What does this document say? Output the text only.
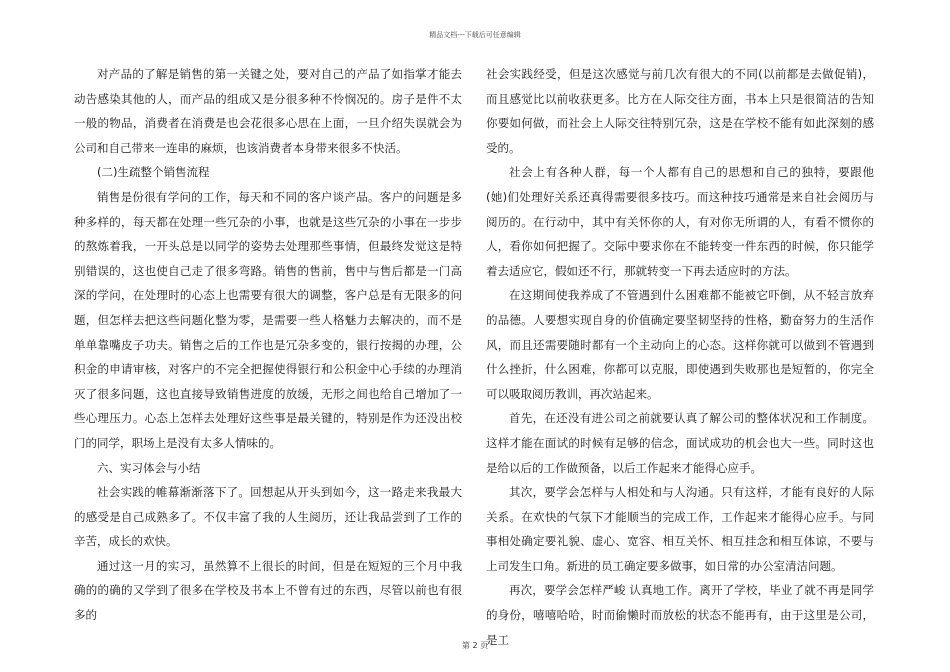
精品文档---下载后可任意编辑

对产品的了解是销售的第一关键之处，要对自己的产品了如指掌才能去动告感染其他的人，而产品的组成又是分很多种不怜悯况的。房子是件不太一般的物品，消费者在消费是也会花很多心思在上面，一旦介绍失误就会为公司和自己带来一连串的麻烦，也该消费者本身带来很多不快活。

(二)生疏整个销售流程

销售是份很有学问的工作，每天和不同的客户谈产品。客户的问题是多种多样的，每天都在处理一些冗杂的小事，也就是这些冗杂的小事在一步步的熬炼着我，一开头总是以同学的姿势去处理那些事情，但最终发觉这是特别错误的，这也使自己走了很多弯路。销售的售前，售中与售后都是一门高深的学问，在处理时的心态上也需要有很大的调整，客户总是有无限多的问题，但怎样去把这些问题化整为零，是需要一些人格魅力去解决的，而不是单单靠嘴皮子功夫。销售之后的工作也是冗杂多变的，银行按揭的办理，公积金的申请审核，对客户的不完全把握使得银行和公积金中心手续的办理消灭了很多问题，这也直接导致销售进度的放缓，无形之间也给自己增加了一些心理压力。心态上怎样去处理好这些事是最关键的，特别是作为还没出校门的同学，职场上是没有太多人情味的。

六、实习体会与小结

社会实践的帷幕渐渐落下了。回想起从开头到如今，这一路走来我最大的感受是自己成熟多了。不仅丰富了我的人生阅历，还让我品尝到了工作的辛苦，成长的欢快。

通过这一月的实习，虽然算不上很长的时间，但是在短短的三个月中我确的的确的又学到了很多在学校及书本上不曾有过的东西，尽管以前也有很多的

社会实践经受，但是这次感觉与前几次有很大的不同(以前都是去做促销)，而且感觉比以前收获更多。比方在人际交往方面，书本上只是很简洁的告知你要如何做，而社会上人际交往特别冗杂，这是在学校不能有如此深刻的感受的。

社会上有各种人群，每一个人都有自己的思想和自己的独特，要跟他(她)们处理好关系还真得需要很多技巧。而这种技巧通常是来自社会阅历与阅历的。在行动中，其中有关怀你的人，有对你无所谓的人，有看不惯你的人，看你如何把握了。交际中要求你在不能转变一件东西的时候，你只能学着去适应它，假如还不行，那就转变一下再去适应时的方法。

在这期间使我养成了不管遇到什么困难都不能被它吓倒，从不轻言放弃的品德。人要想实现自身的价值确定要坚韧坚持的性格，勤奋努力的生活作风，而且还需要随时都有一个主动向上的心态。这样你就可以做到不管遇到什么挫折，什么困难，你都可以克服，即使遇到失败那也是短暂的，你完全可以吸取阅历教训，再次站起来。

首先，在还没有进公司之前就要认真了解公司的整体状况和工作制度。这样才能在面试的时候有足够的信念，面试成功的机会也大一些。同时这也是给以后的工作做预备，以后工作起来才能得心应手。

其次，要学会怎样与人相处和与人沟通。只有这样，才能有良好的人际关系。在欢快的气氛下才能顺当的完成工作，工作起来才能得心应手。与同事相处确定要礼貌、虚心、宽容、相互关怀、相互挂念和相互体谅，不要与上司发生口角。新进的员工确定要多做事，如日常的办公室清洁问题。

再次，要学会怎样严峻 认真地工作。离开了学校，毕业了就不再是同学的身份，嘻嘻哈哈，时而偷懒时而放松的状态不能再有，由于这里是公司，是工

第 2 页
